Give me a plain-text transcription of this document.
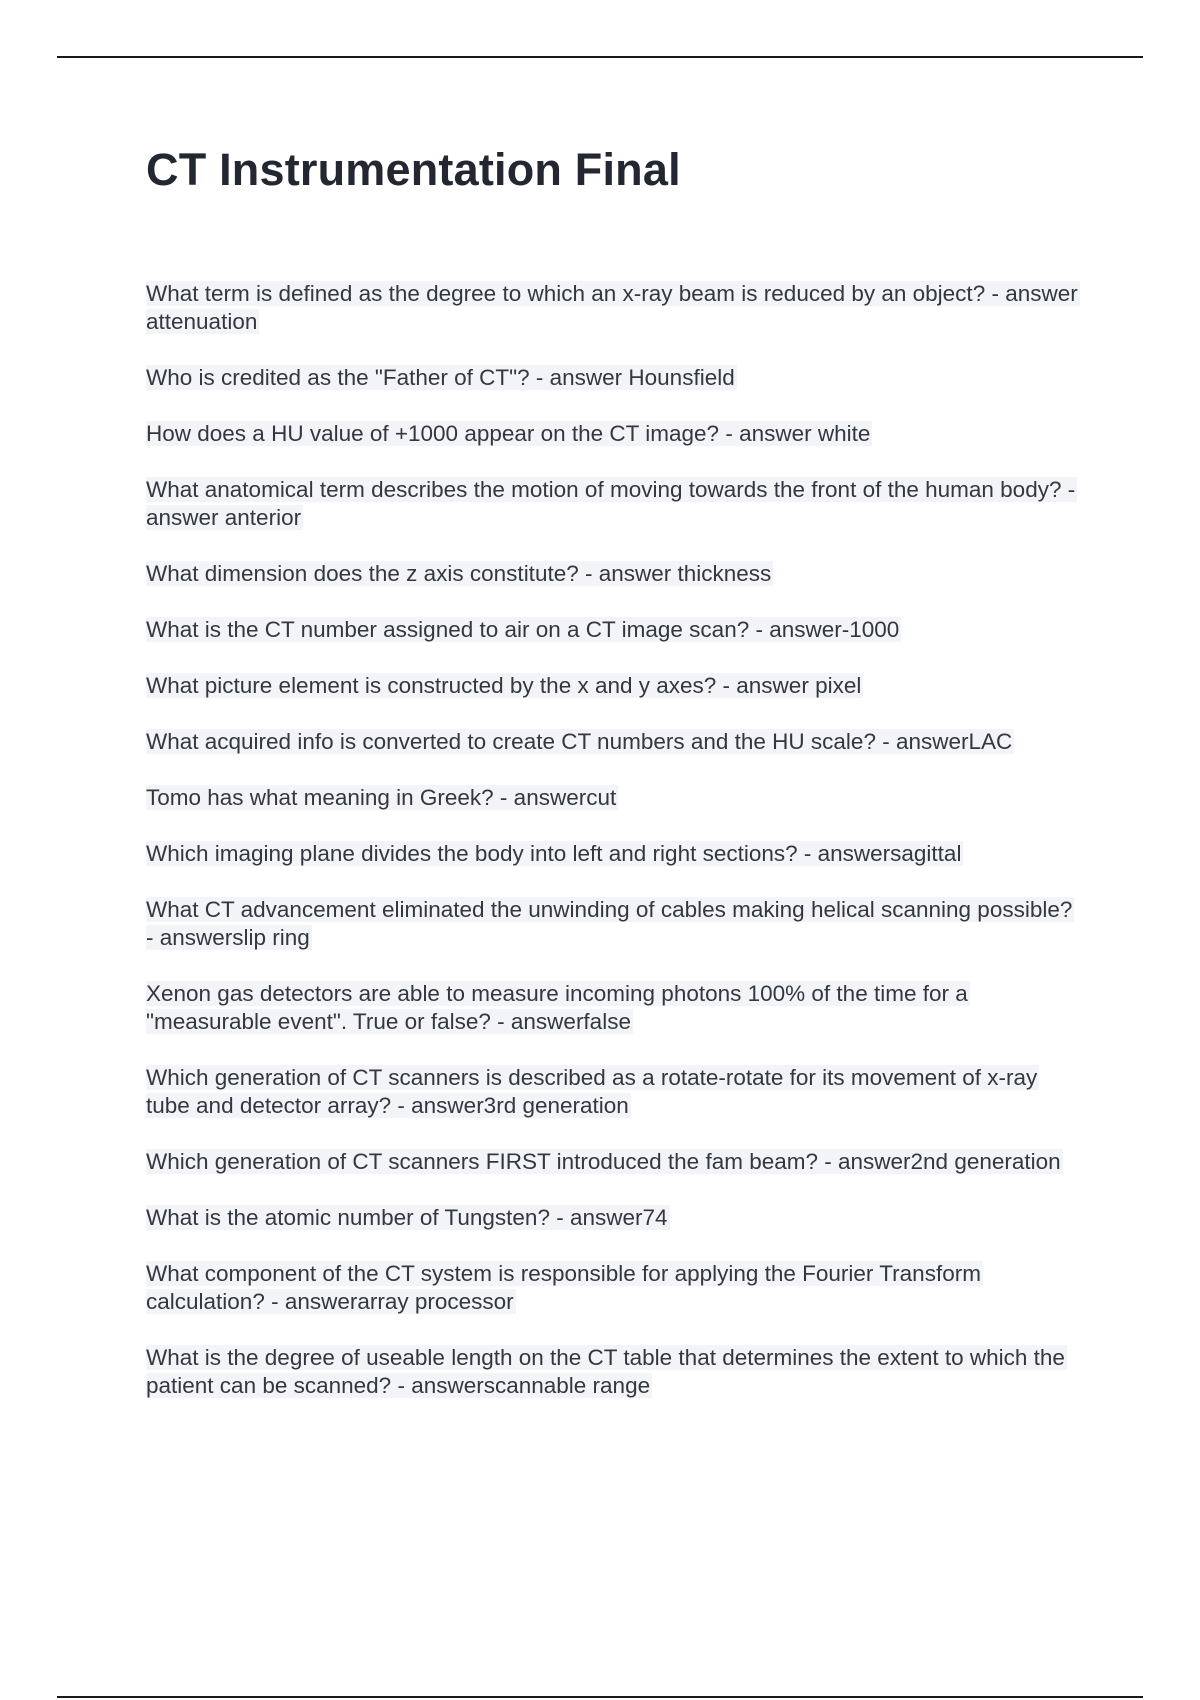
CT Instrumentation Final

What term is defined as the degree to which an x-ray beam is reduced by an object? - answer attenuation

Who is credited as the "Father of CT"? - answer Hounsfield

How does a HU value of +1000 appear on the CT image? - answer white

What anatomical term describes the motion of moving towards the front of the human body? - answer anterior

What dimension does the z axis constitute? - answer thickness

What is the CT number assigned to air on a CT image scan? - answer-1000

What picture element is constructed by the x and y axes? - answer pixel

What acquired info is converted to create CT numbers and the HU scale? - answerLAC

Tomo has what meaning in Greek? - answercut

Which imaging plane divides the body into left and right sections? - answersagittal

What CT advancement eliminated the unwinding of cables making helical scanning possible? - answerslip ring

Xenon gas detectors are able to measure incoming photons 100% of the time for a "measurable event". True or false? - answerfalse

Which generation of CT scanners is described as a rotate-rotate for its movement of x-ray tube and detector array? - answer3rd generation

Which generation of CT scanners FIRST introduced the fam beam? - answer2nd generation

What is the atomic number of Tungsten? - answer74

What component of the CT system is responsible for applying the Fourier Transform calculation? - answerarray processor

What is the degree of useable length on the CT table that determines the extent to which the patient can be scanned? - answerscannable range
